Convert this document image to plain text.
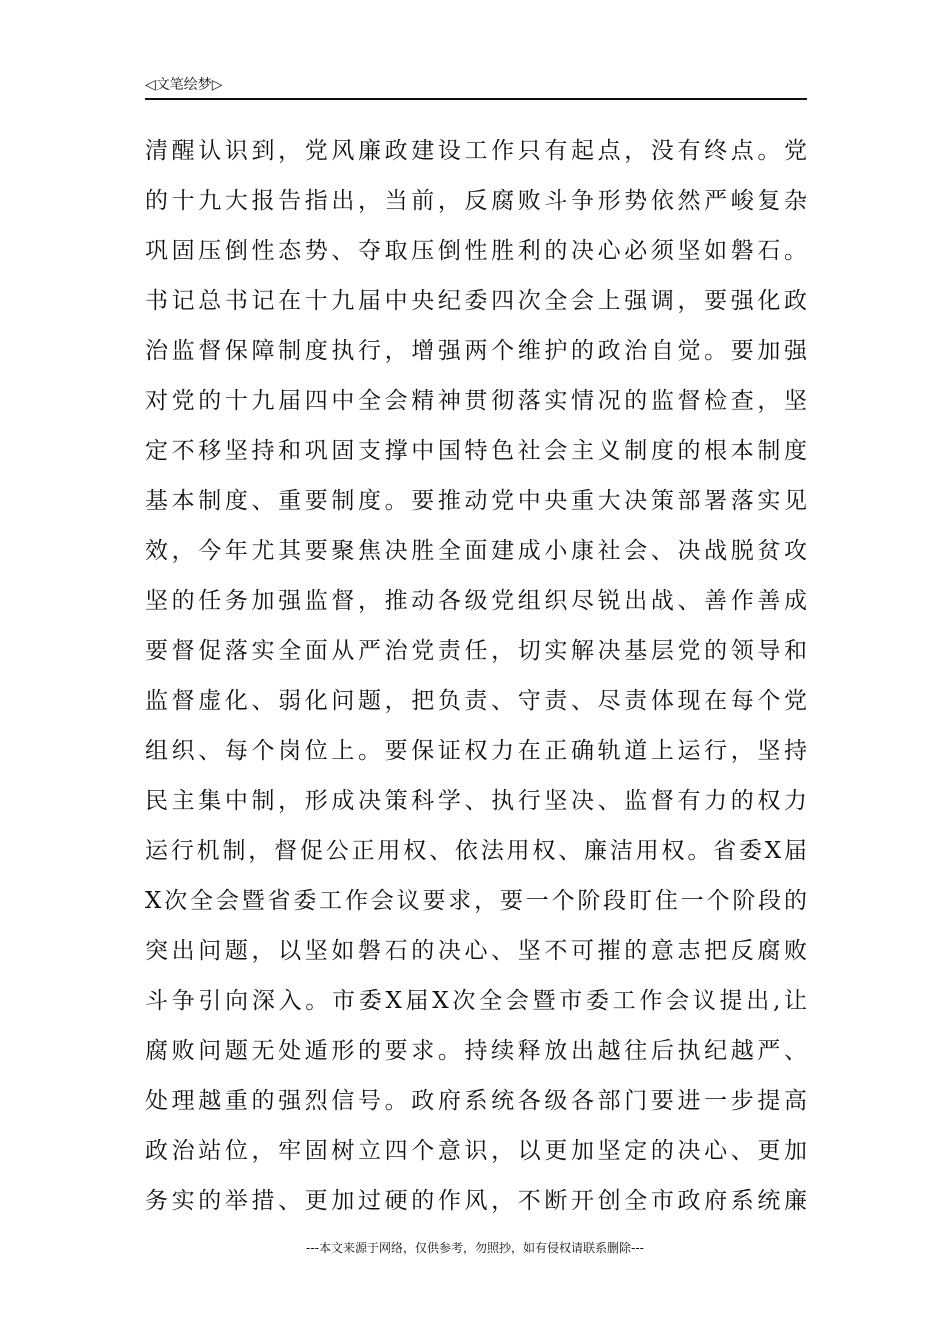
◁文笔绘梦▷
清醒认识到，党风廉政建设工作只有起点，没有终点。党
的十九大报告指出，当前，反腐败斗争形势依然严峻复杂
巩固压倒性态势、夺取压倒性胜利的决心必须坚如磐石。
书记总书记在十九届中央纪委四次全会上强调，要强化政
治监督保障制度执行，增强两个维护的政治自觉。要加强
对党的十九届四中全会精神贯彻落实情况的监督检查，坚
定不移坚持和巩固支撑中国特色社会主义制度的根本制度
基本制度、重要制度。要推动党中央重大决策部署落实见
效，今年尤其要聚焦决胜全面建成小康社会、决战脱贫攻
坚的任务加强监督，推动各级党组织尽锐出战、善作善成
要督促落实全面从严治党责任，切实解决基层党的领导和
监督虚化、弱化问题，把负责、守责、尽责体现在每个党
组织、每个岗位上。要保证权力在正确轨道上运行，坚持
民主集中制，形成决策科学、执行坚决、监督有力的权力
运行机制，督促公正用权、依法用权、廉洁用权。省委X届
X次全会暨省委工作会议要求，要一个阶段盯住一个阶段的
突出问题，以坚如磐石的决心、坚不可摧的意志把反腐败
斗争引向深入。市委X届X次全会暨市委工作会议提出,让
腐败问题无处遁形的要求。持续释放出越往后执纪越严、
处理越重的强烈信号。政府系统各级各部门要进一步提高
政治站位，牢固树立四个意识，以更加坚定的决心、更加
务实的举措、更加过硬的作风，不断开创全市政府系统廉
---本文来源于网络，仅供参考，勿照抄，如有侵权请联系删除---
